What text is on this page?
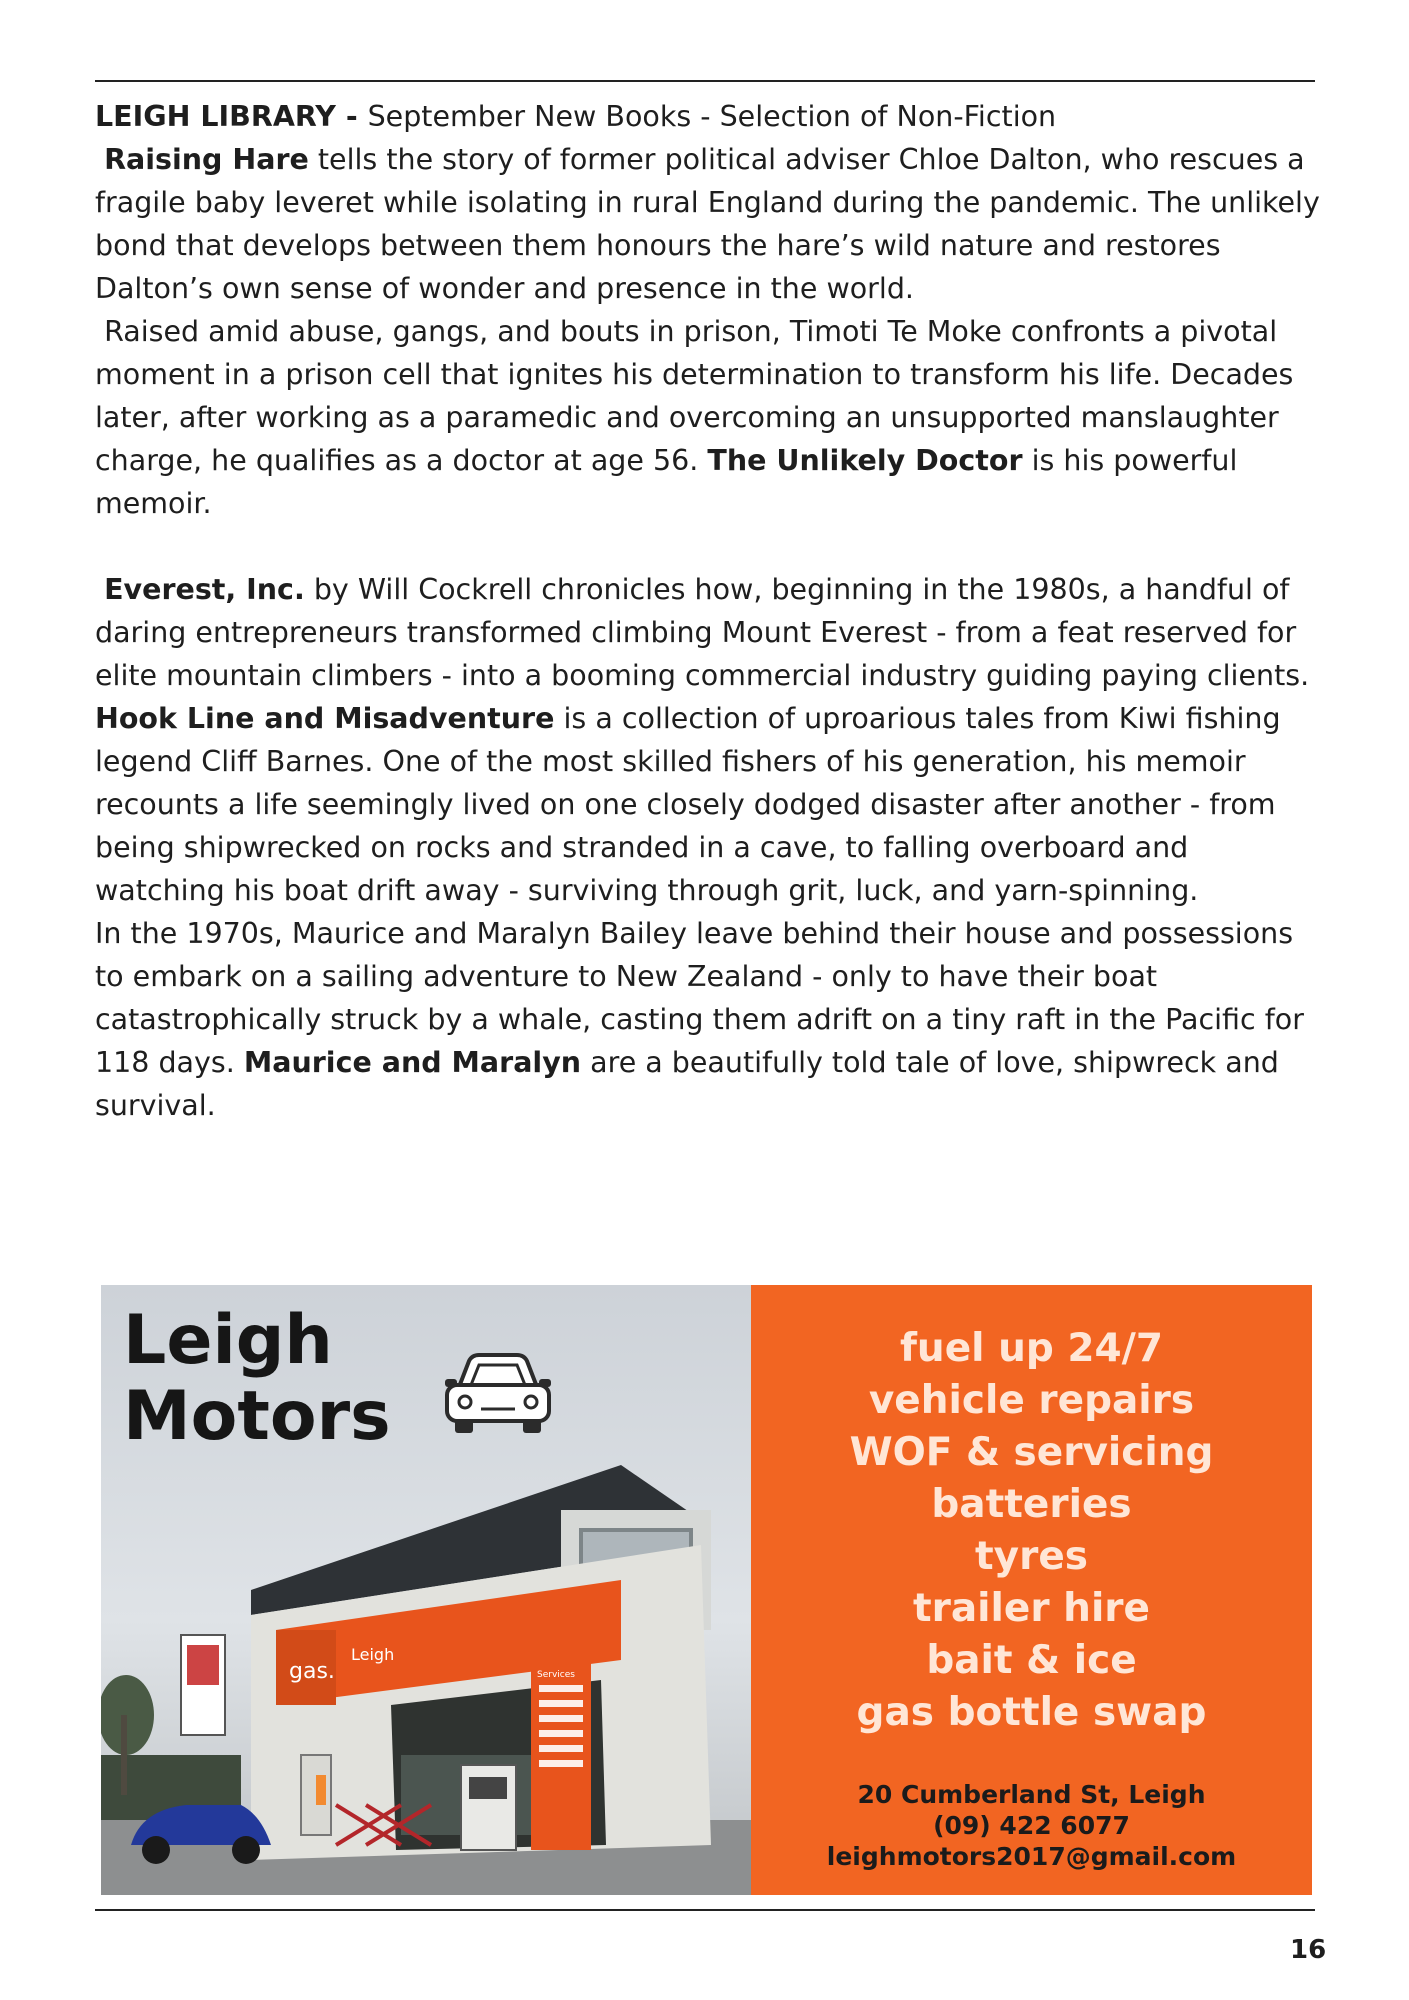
LEIGH LIBRARY - September New Books - Selection of Non-Fiction

Raising Hare tells the story of former political adviser Chloe Dalton, who rescues a fragile baby leveret while isolating in rural England during the pandemic. The unlikely bond that develops between them honours the hare’s wild nature and restores Dalton’s own sense of wonder and presence in the world.

Raised amid abuse, gangs, and bouts in prison, Timoti Te Moke confronts a pivotal moment in a prison cell that ignites his determination to transform his life. Decades later, after working as a paramedic and overcoming an unsupported manslaughter charge, he qualifies as a doctor at age 56. The Unlikely Doctor is his powerful memoir.

Everest, Inc. by Will Cockrell chronicles how, beginning in the 1980s, a handful of daring entrepreneurs transformed climbing Mount Everest - from a feat reserved for elite mountain climbers - into a booming commercial industry guiding paying clients.

Hook Line and Misadventure is a collection of uproarious tales from Kiwi fishing legend Cliff Barnes. One of the most skilled fishers of his generation, his memoir recounts a life seemingly lived on one closely dodged disaster after another - from being shipwrecked on rocks and stranded in a cave, to falling overboard and watching his boat drift away - surviving through grit, luck, and yarn-spinning.

In the 1970s, Maurice and Maralyn Bailey leave behind their house and possessions to embark on a sailing adventure to New Zealand - only to have their boat catastrophically struck by a whale, casting them adrift on a tiny raft in the Pacific for 118 days. Maurice and Maralyn are a beautifully told tale of love, shipwreck and survival.

gas.
Leigh
Services
Leigh
Motors
fuel up 24/7
vehicle repairs
WOF & servicing
batteries
tyres
trailer hire
bait & ice
gas bottle swap
20 Cumberland St, Leigh
(09) 422 6077
leighmotors2017@gmail.com
16
